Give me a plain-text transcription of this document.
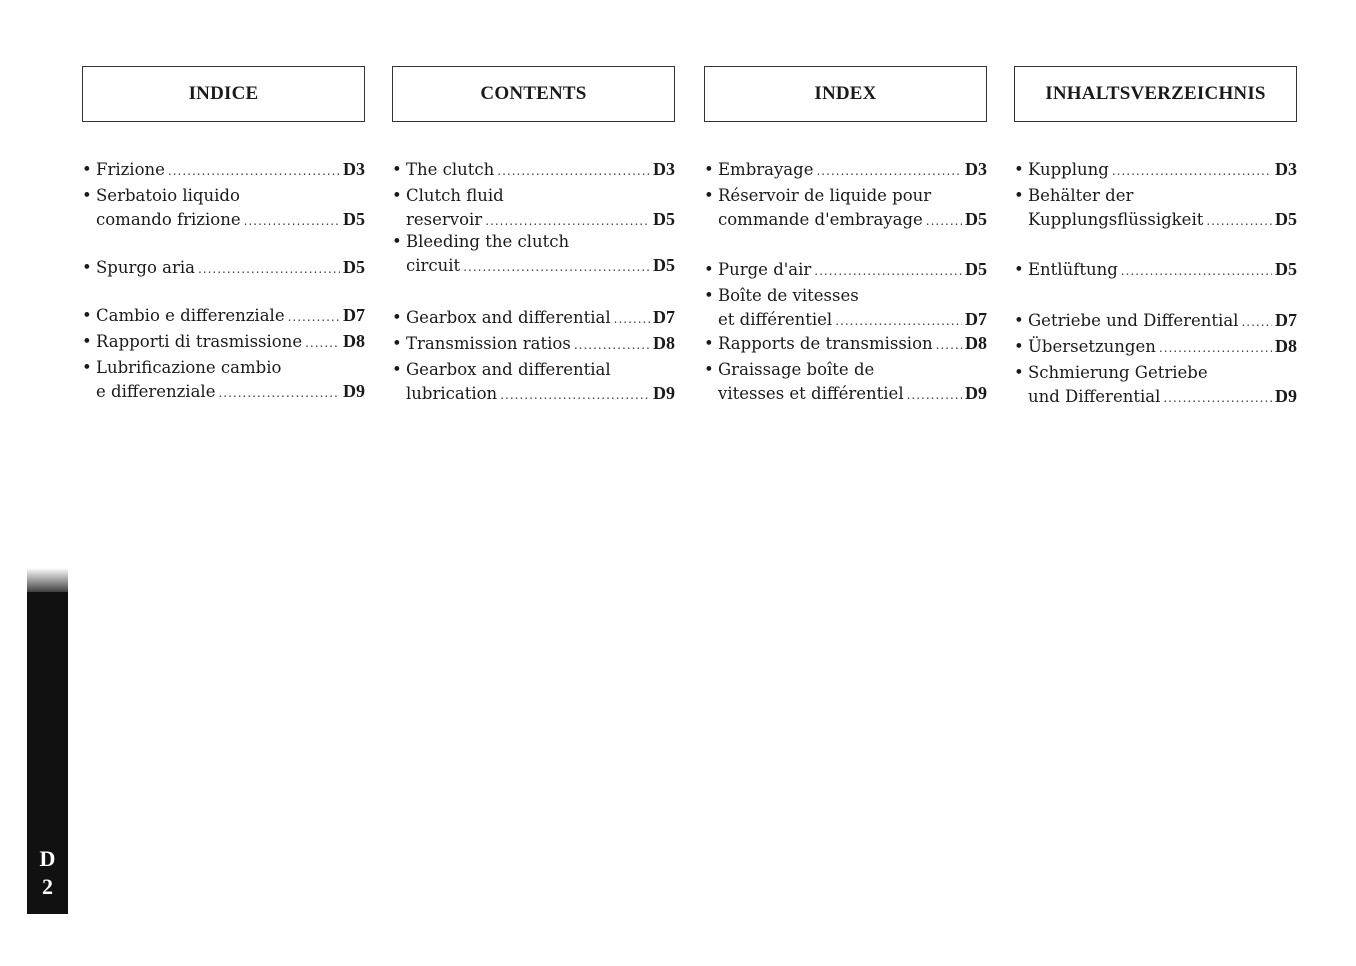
INDICE
• Frizione .....	D3
• Serbatoio liquido
comando frizione .....	D5
• Spurgo aria .....	D5
• Cambio e differenziale .....	D7
• Rapporti di trasmissione ..... D8
• Lubrificazione cambio
e differenziale .....	D9
CONTENTS
• The clutch .....	D3
• Clutch fluid
reservoir .....	D5
• Bleeding the clutch
circuit .....	D5
• Gearbox and differential ..... D7
• Transmission ratios .....	D8
• Gearbox and differential
lubrication .....	D9
INDEX
• Embrayage .....	D3
• Réservoir de liquide pour
commande d'embrayage ..... D5
• Purge d'air .....	D5
• Boîte de vitesses
et différentiel .....	D7
• Rapports de transmission ..... D8
• Graissage boîte de
vitesses et différentiel .....	D9
INHALTSVERZEICHNIS
• Kupplung .....	D3
• Behälter der
Kupplungsflüssigkeit .....	D5
• Entlüftung .....	D5
• Getriebe und Differential ..... D7
• Übersetzungen .....	D8
• Schmierung Getriebe
und Differential .....	D9
D
2
